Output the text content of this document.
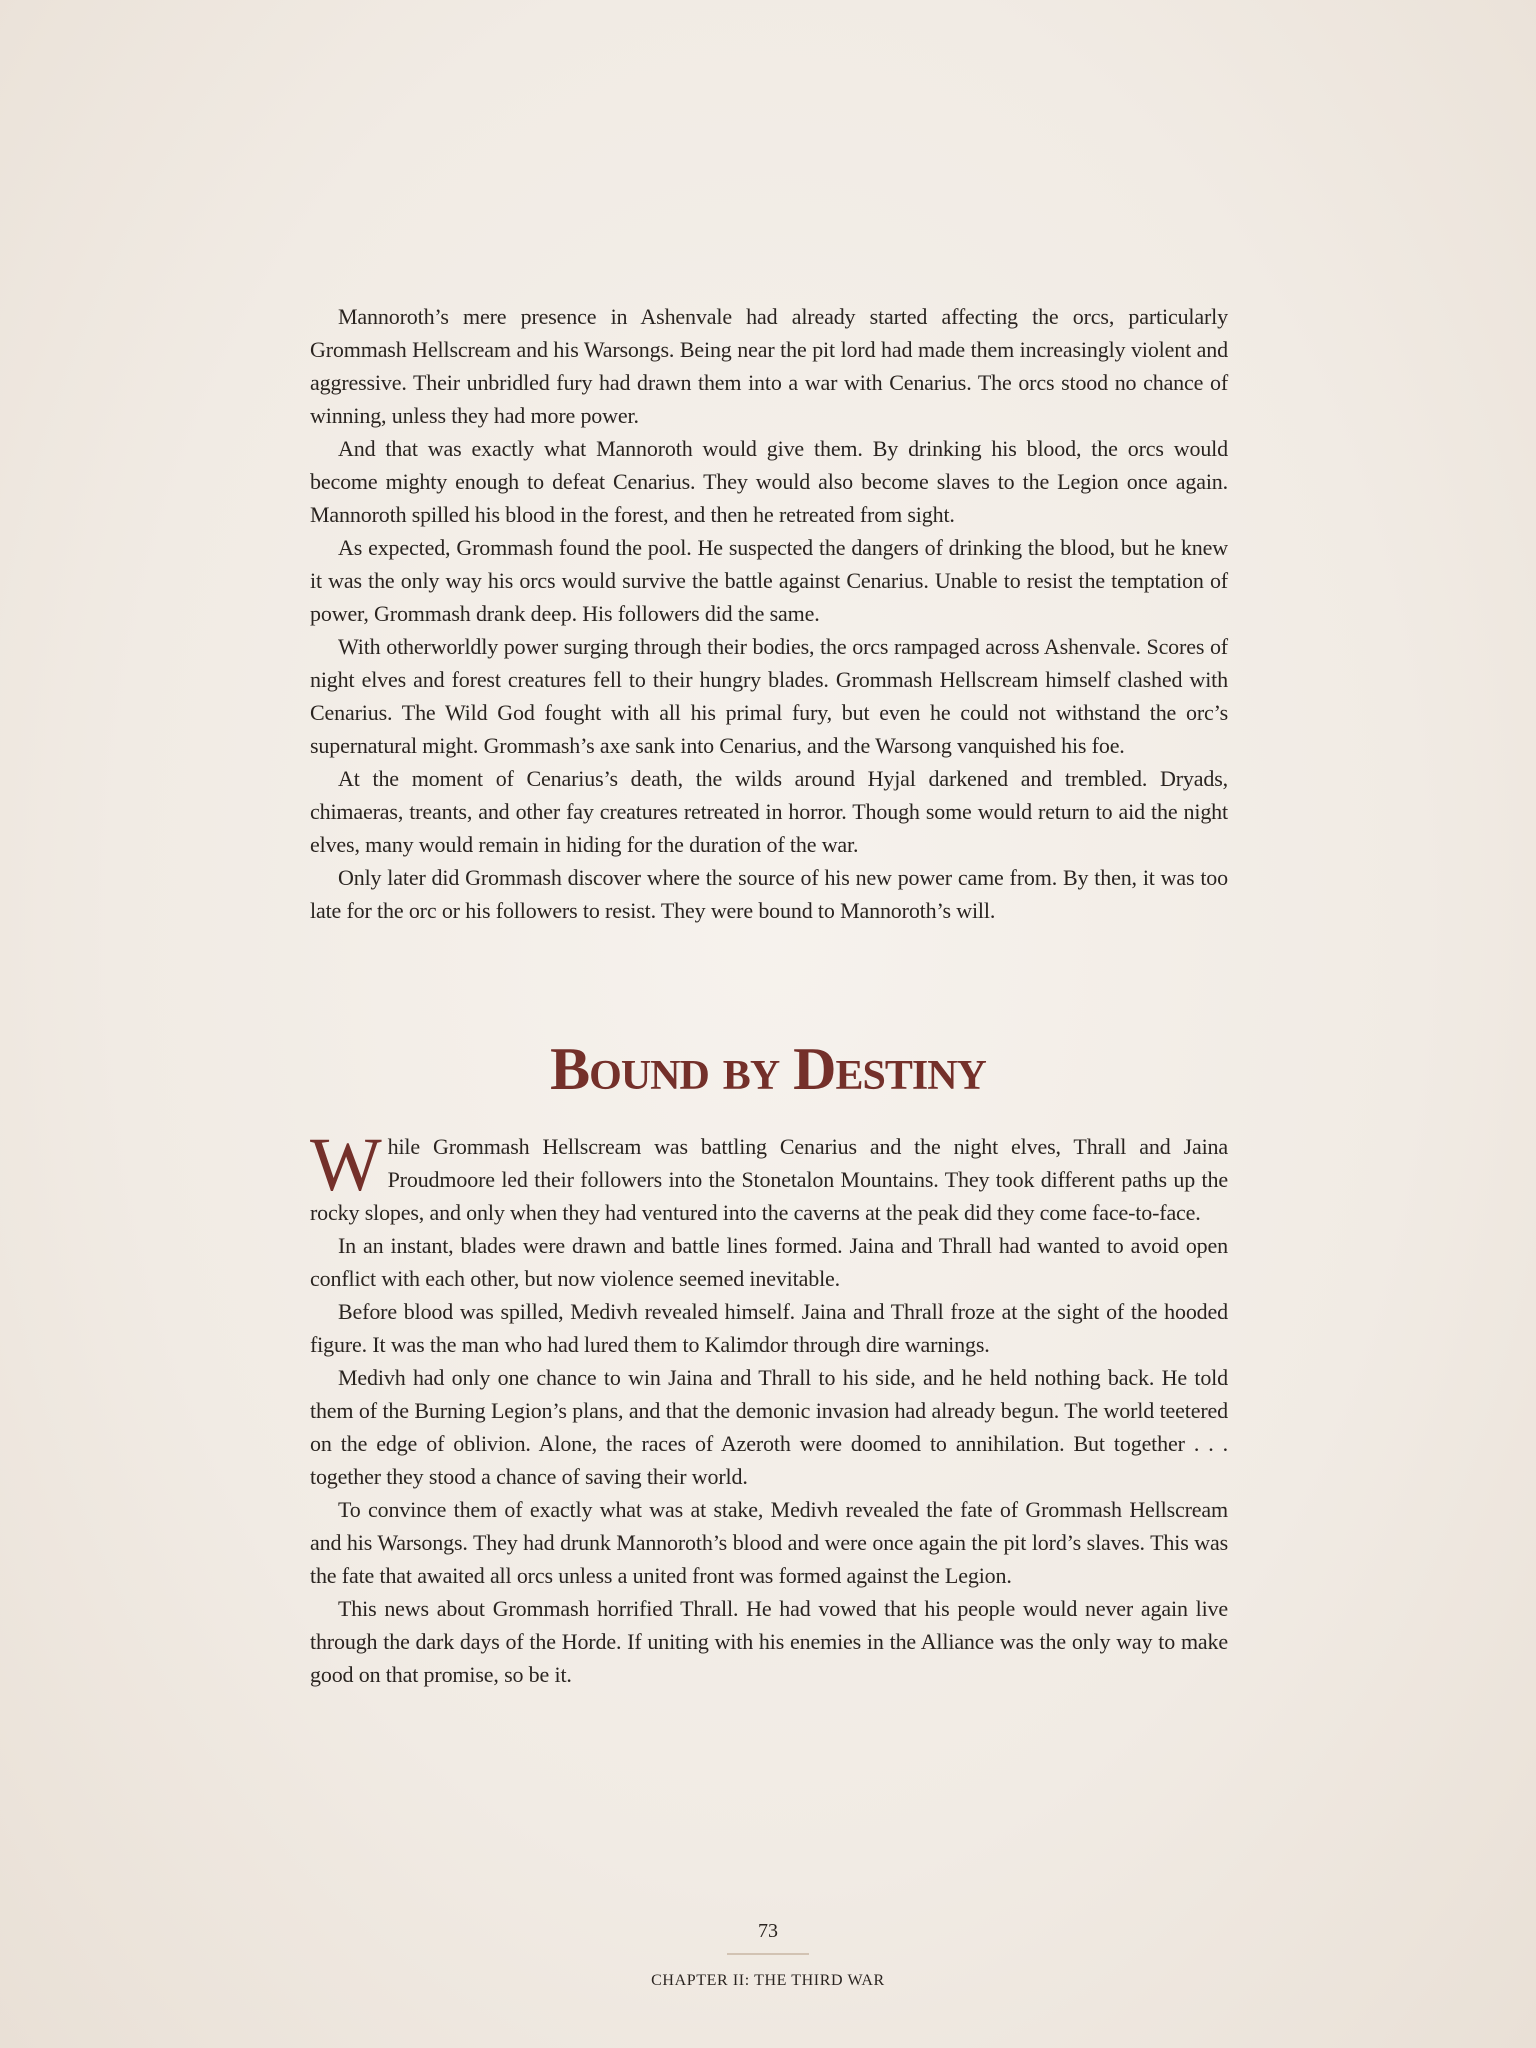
Mannoroth’s mere presence in Ashenvale had already started affecting the orcs, particularly Grommash Hellscream and his Warsongs. Being near the pit lord had made them increasingly violent and aggressive. Their unbridled fury had drawn them into a war with Cenarius. The orcs stood no chance of winning, unless they had more power.

And that was exactly what Mannoroth would give them. By drinking his blood, the orcs would become mighty enough to defeat Cenarius. They would also become slaves to the Legion once again. Mannoroth spilled his blood in the forest, and then he retreated from sight.

As expected, Grommash found the pool. He suspected the dangers of drinking the blood, but he knew it was the only way his orcs would survive the battle against Cenarius. Unable to resist the temptation of power, Grommash drank deep. His followers did the same.

With otherworldly power surging through their bodies, the orcs rampaged across Ashenvale. Scores of night elves and forest creatures fell to their hungry blades. Grommash Hellscream himself clashed with Cenarius. The Wild God fought with all his primal fury, but even he could not withstand the orc’s supernatural might. Grommash’s axe sank into Cenarius, and the Warsong vanquished his foe.

At the moment of Cenarius’s death, the wilds around Hyjal darkened and trembled. Dryads, chimaeras, treants, and other fay creatures retreated in horror. Though some would return to aid the night elves, many would remain in hiding for the duration of the war.

Only later did Grommash discover where the source of his new power came from. By then, it was too late for the orc or his followers to resist. They were bound to Mannoroth’s will.

Bound by Destiny

While Grommash Hellscream was battling Cenarius and the night elves, Thrall and Jaina Proudmoore led their followers into the Stonetalon Mountains. They took different paths up the rocky slopes, and only when they had ventured into the caverns at the peak did they come face-to-face.

In an instant, blades were drawn and battle lines formed. Jaina and Thrall had wanted to avoid open conflict with each other, but now violence seemed inevitable.

Before blood was spilled, Medivh revealed himself. Jaina and Thrall froze at the sight of the hooded figure. It was the man who had lured them to Kalimdor through dire warnings.

Medivh had only one chance to win Jaina and Thrall to his side, and he held nothing back. He told them of the Burning Legion’s plans, and that the demonic invasion had already begun. The world teetered on the edge of oblivion. Alone, the races of Azeroth were doomed to annihilation. But together . . . together they stood a chance of saving their world.

To convince them of exactly what was at stake, Medivh revealed the fate of Grommash Hellscream and his Warsongs. They had drunk Mannoroth’s blood and were once again the pit lord’s slaves. This was the fate that awaited all orcs unless a united front was formed against the Legion.

This news about Grommash horrified Thrall. He had vowed that his people would never again live through the dark days of the Horde. If uniting with his enemies in the Alliance was the only way to make good on that promise, so be it.

73
CHAPTER II: THE THIRD WAR
